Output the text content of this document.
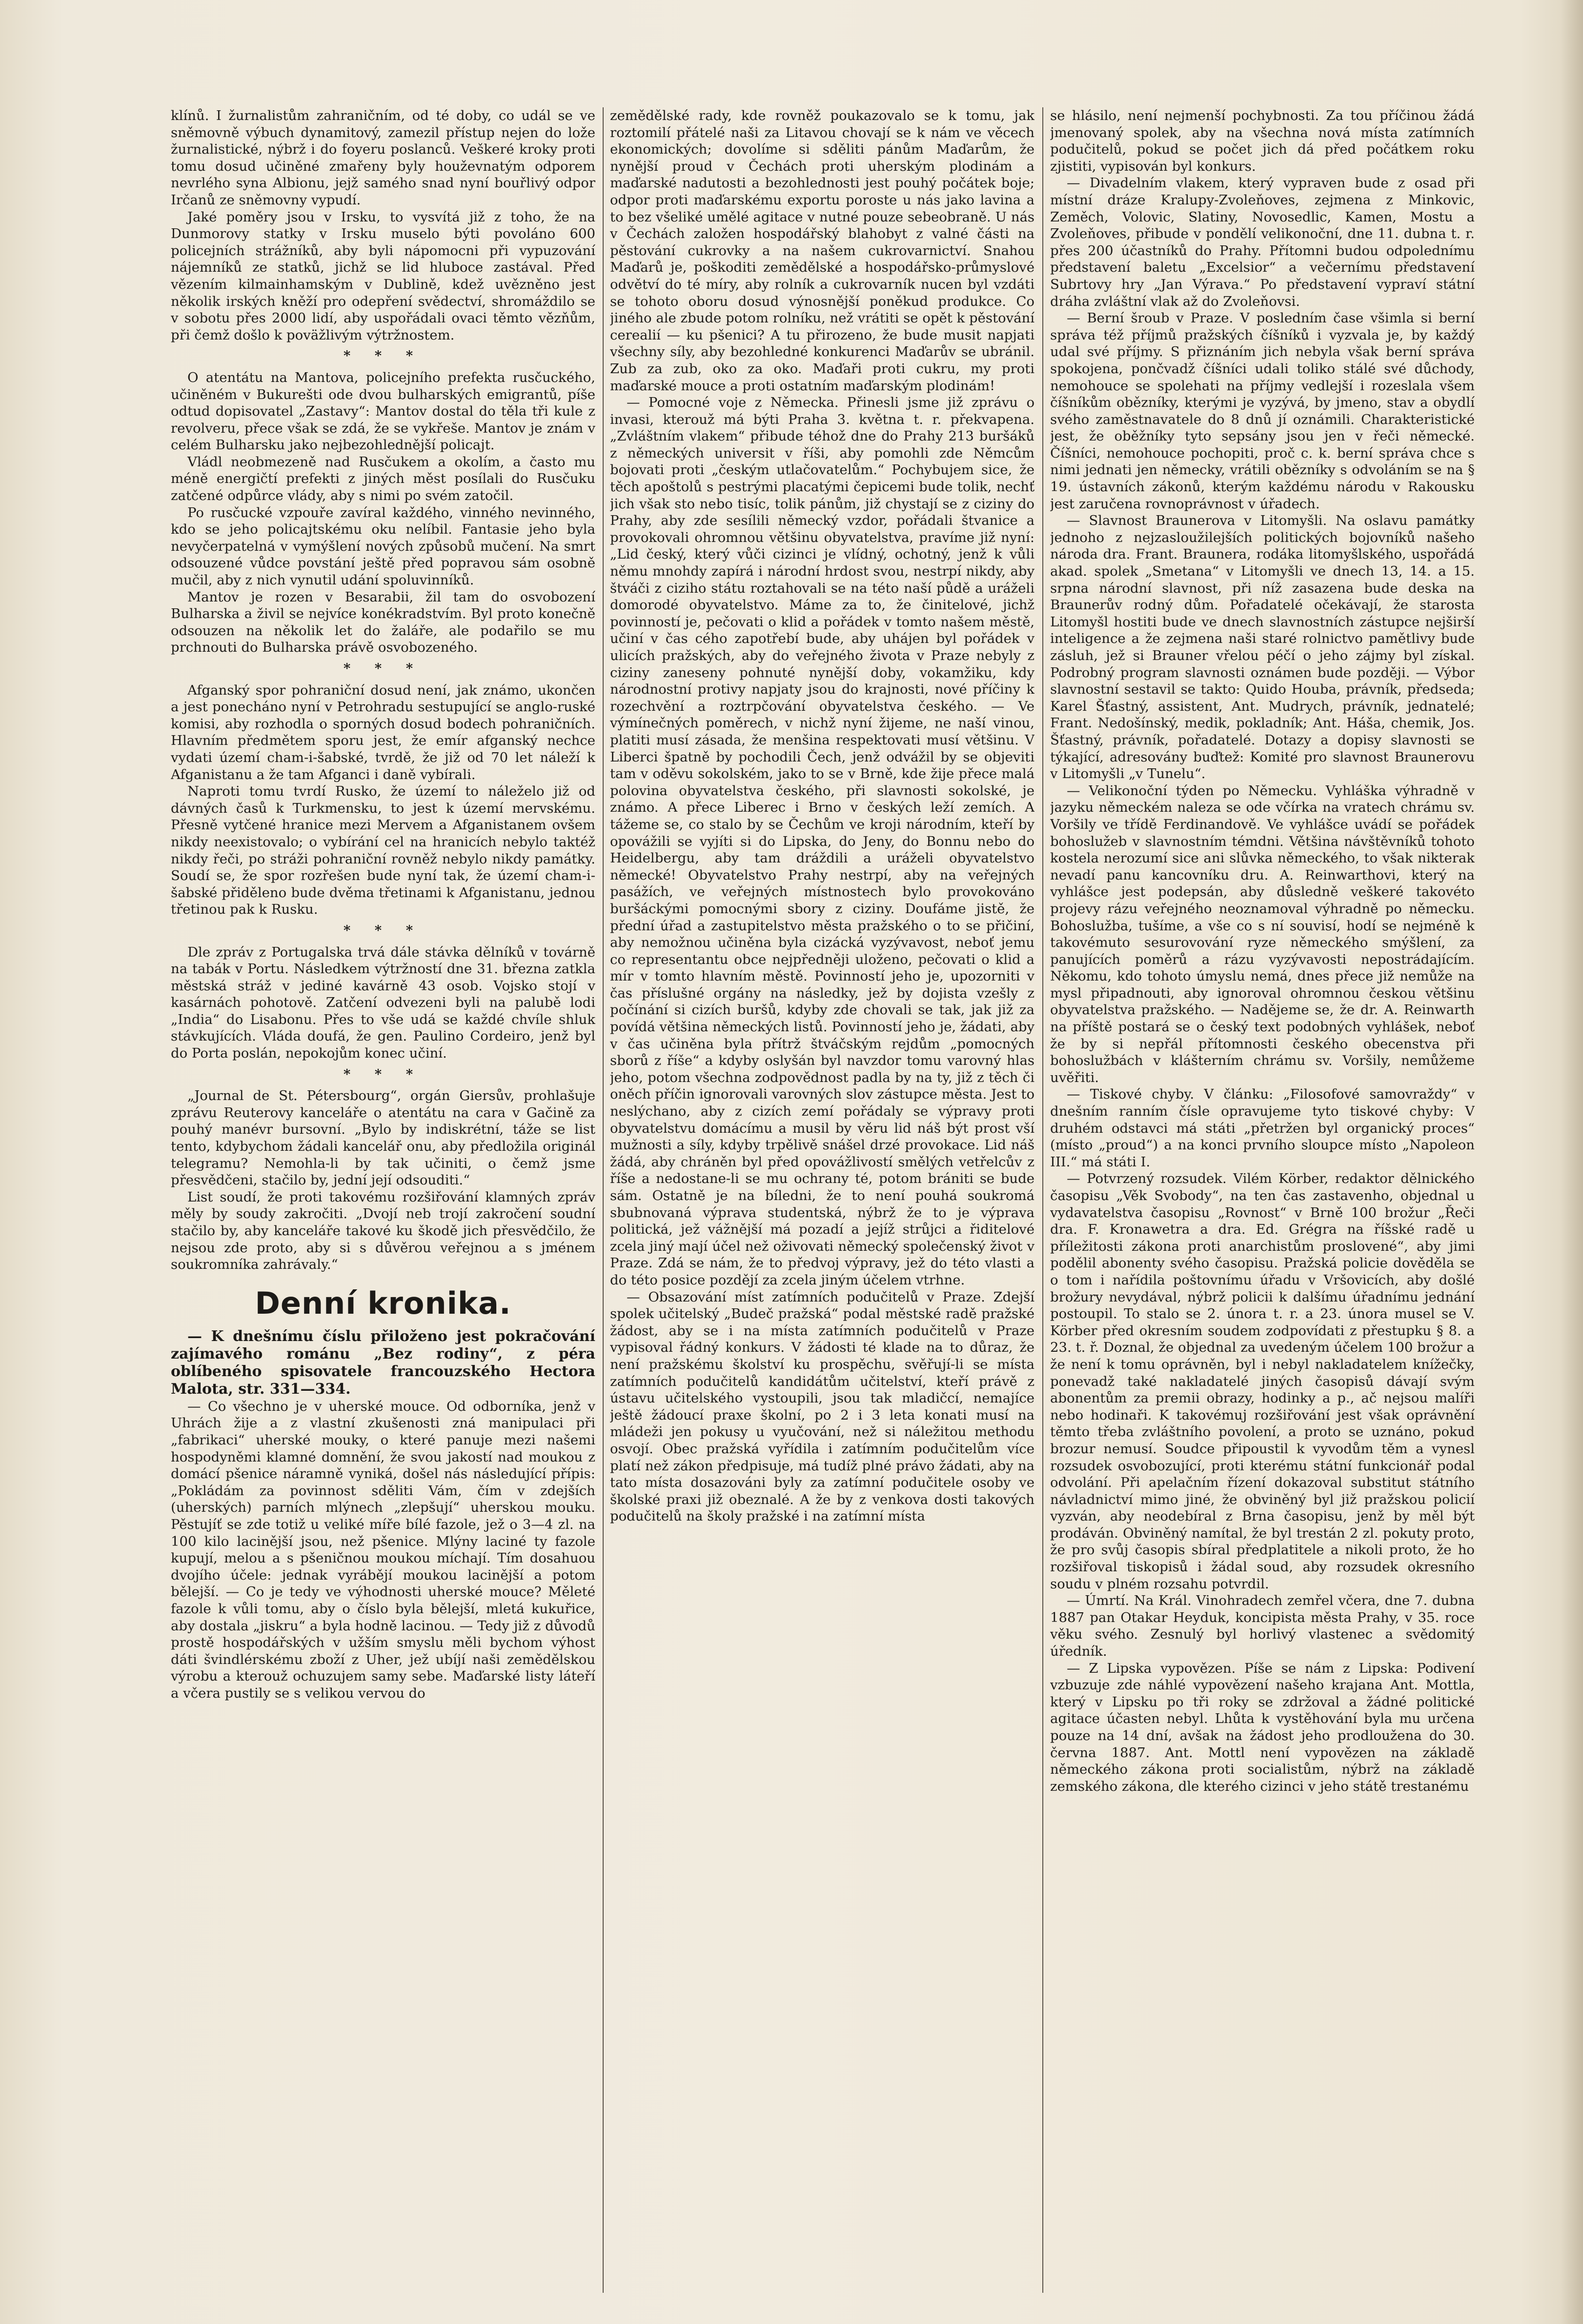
klínů. I žurnalistům zahraničním, od té doby, co udál se ve sněmovně výbuch dynamitový, zamezil přístup nejen do lože žurnalistické, nýbrž i do foyeru poslanců. Veškeré kroky proti tomu dosud učiněné zmařeny byly houževnatým odporem nevrlého syna Albionu, jejž samého snad nyní bouřlivý odpor Irčanů ze sněmovny vypudí.
Jaké poměry jsou v Irsku, to vysvítá již z toho, že na Dunmorovy statky v Irsku muselo býti povoláno 600 policejních strážníků, aby byli nápomocni při vypuzování nájemníků ze statků, jichž se lid hluboce zastával. Před vězením kilmainhamským v Dublině, kdež uvězněno jest několik irských kněží pro odepření svědectví, shromáždilo se v sobotu přes 2000 lidí, aby uspořádali ovaci těmto vězňům, při čemž došlo k poväžlivým výtržnostem.
* * *
O atentátu na Mantova, policejního prefekta rusčuckého, učiněném v Bukurešti ode dvou bulharských emigrantů, píše odtud dopisovatel „Zastavy“: Mantov dostal do těla tři kule z revolveru, přece však se zdá, že se vykřeše. Mantov je znám v celém Bulharsku jako nejbezohlednější policajt.
Vládl neobmezeně nad Rusčukem a okolím, a často mu méně energičtí prefekti z jiných měst posílali do Rusčuku zatčené odpůrce vlády, aby s nimi po svém zatočil.
Po rusčucké vzpouře zavíral každého, vinného nevinného, kdo se jeho policajtskému oku nelíbil. Fantasie jeho byla nevyčerpatelná v vymýšlení nových způsobů mučení. Na smrt odsouzené vůdce povstání ještě před popravou sám osobně mučil, aby z nich vynutil udání spoluvinníků.
Mantov je rozen v Besarabii, žil tam do osvobození Bulharska a živil se nejvíce konékradstvím. Byl proto konečně odsouzen na několik let do žaláře, ale podařilo se mu prchnouti do Bulharska právě osvobozeného.
* * *
Afganský spor pohraniční dosud není, jak známo, ukončen a jest ponecháno nyní v Petrohradu sestupující se anglo-ruské komisi, aby rozhodla o sporných dosud bodech pohraničních. Hlavním předmětem sporu jest, že emír afganský nechce vydati území cham-i-šabské, tvrdě, že již od 70 let náleží k Afganistanu a že tam Afganci i daně vybírali.
Naproti tomu tvrdí Rusko, že území to náleželo již od dávných časů k Turkmensku, to jest k území mervskému. Přesně vytčené hranice mezi Mervem a Afganistanem ovšem nikdy neexistovalo; o vybírání cel na hranicích nebylo taktéž nikdy řeči, po stráži pohraniční rovněž nebylo nikdy památky. Soudí se, že spor rozřešen bude nyní tak, že území cham-i-šabské přiděleno bude dvěma třetinami k Afganistanu, jednou třetinou pak k Rusku.
* * *
Dle zpráv z Portugalska trvá dále stávka dělníků v továrně na tabák v Portu. Následkem výtržností dne 31. března zatkla městská stráž v jediné kavárně 43 osob. Vojsko stojí v kasárnách pohotově. Zatčení odvezeni byli na palubě lodi „India“ do Lisabonu. Přes to vše udá se každé chvíle shluk stávkujících. Vláda doufá, že gen. Paulino Cordeiro, jenž byl do Porta poslán, nepokojům konec učiní.
* * *
„Journal de St. Pétersbourg“, orgán Giersův, prohlašuje zprávu Reuterovy kanceláře o atentátu na cara v Gačině za pouhý manévr bursovní. „Bylo by indiskrétní, táže se list tento, kdybychom žádali kancelář onu, aby předložila originál telegramu? Nemohla-li by tak učiniti, o čemž jsme přesvědčeni, stačilo by, jední její odsouditi.“
List soudí, že proti takovému rozšiřování klamných zpráv měly by soudy zakročiti. „Dvojí neb trojí zakročení soudní stačilo by, aby kanceláře takové ku škodě jich přesvědčilo, že nejsou zde proto, aby si s důvěrou veřejnou a s jménem soukromníka zahrávaly.“
Denní kronika.
— K dnešnímu číslu přiloženo jest pokračování zajímavého románu „Bez rodiny“, z péra oblíbeného spisovatele francouzského Hectora Malota, str. 331—334.
— Co všechno je v uherské mouce. Od odborníka, jenž v Uhrách žije a z vlastní zkušenosti zná manipulaci při „fabrikaci“ uherské mouky, o které panuje mezi našemi hospodyněmi klamné domnění, že svou jakostí nad moukou z domácí pšenice náramně vyniká, došel nás následující přípis: „Pokládám za povinnost sděliti Vám, čím v zdejších (uherských) parních mlýnech „zlepšují“ uherskou mouku. Pěstujíť se zde totiž u veliké míře bílé fazole, jež o 3—4 zl. na 100 kilo lacinější jsou, než pšenice. Mlýny laciné ty fazole kupují, melou a s pšeničnou moukou míchají. Tím dosahuou dvojího účele: jednak vyrábějí moukou lacinější a potom bělejší. — Co je tedy ve výhodnosti uherské mouce? Měleté fazole k vůli tomu, aby o číslo byla bělejší, mletá kukuřice, aby dostala „jiskru“ a byla hodně lacinou. — Tedy již z důvodů prostě hospodářských v užším smyslu měli bychom výhost dáti švindlérskému zboží z Uher, jež ubíjí naši zemědělskou výrobu a kterouž ochuzujem samy sebe. Maďarské listy láteří a včera pustily se s velikou vervou do
zemědělské rady, kde rovněž poukazovalo se k tomu, jak roztomilí přátelé naši za Litavou chovají se k nám ve věcech ekonomických; dovolíme si sděliti pánům Maďarům, že nynější proud v Čechách proti uherským plodinám a maďarské nadutosti a bezohlednosti jest pouhý počátek boje; odpor proti maďarskému exportu poroste u nás jako lavina a to bez všeliké umělé agitace v nutné pouze sebeobraně. U nás v Čechách založen hospodářský blahobyt z valné části na pěstování cukrovky a na našem cukrovarnictví. Snahou Maďarů je, poškoditi zemědělské a hospodářsko-průmyslové odvětví do té míry, aby rolník a cukrovarník nucen byl vzdáti se tohoto oboru dosud výnosnější poněkud produkce. Co jiného ale zbude potom rolníku, než vrátiti se opět k pěstování cerealií — ku pšenici? A tu přirozeno, že bude musit napjati všechny síly, aby bezohledné konkurenci Maďarův se ubránil. Zub za zub, oko za oko. Maďaři proti cukru, my proti maďarské mouce a proti ostatním maďarským plodinám!
— Pomocné voje z Německa. Přinesli jsme již zprávu o invasi, kterouž má býti Praha 3. května t. r. překvapena. „Zvláštním vlakem“ přibude téhož dne do Prahy 213 buršáků z německých universit v říši, aby pomohli zde Němcům bojovati proti „českým utlačovatelům.“ Pochybujem sice, že těch apoštolů s pestrými placatými čepicemi bude tolik, nechť jich však sto nebo tisíc, tolik pánům, již chystají se z ciziny do Prahy, aby zde sesílili německý vzdor, pořádali štvanice a provokovali ohromnou většinu obyvatelstva, pravíme již nyní: „Lid český, který vůči cizinci je vlídný, ochotný, jenž k vůli němu mnohdy zapírá i národní hrdost svou, nestrpí nikdy, aby štváči z ciziho státu roztahovali se na této naší půdě a uráželi domorodé obyvatelstvo. Máme za to, že činitelové, jichž povinností je, pečovati o klid a pořádek v tomto našem městě, učiní v čas cého zapotřebí bude, aby uhájen byl pořádek v ulicích pražských, aby do veřejného života v Praze nebyly z ciziny zaneseny pohnuté nynější doby, vokamžiku, kdy národnostní protivy napjaty jsou do krajnosti, nové příčiny k rozechvění a roztrpčování obyvatelstva českého. — Ve výmínečných poměrech, v nichž nyní žijeme, ne naší vinou, platiti musí zásada, že menšina respektovati musí většinu. V Liberci špatně by pochodili Čech, jenž odvážil by se objeviti tam v oděvu sokolském, jako to se v Brně, kde žije přece malá polovina obyvatelstva českého, při slavnosti sokolské, je známo. A přece Liberec i Brno v českých leží zemích. A tážeme se, co stalo by se Čechům ve kroji národním, kteří by opovážili se vyjíti si do Lipska, do Jeny, do Bonnu nebo do Heidelbergu, aby tam dráždili a uráželi obyvatelstvo německé! Obyvatelstvo Prahy nestrpí, aby na veřejných pasážích, ve veřejných místnostech bylo provokováno buršáckými pomocnými sbory z ciziny. Doufáme jistě, že přední úřad a zastupitelstvo města pražského o to se přičiní, aby nemožnou učiněna byla cizácká vyzývavost, neboť jemu co representantu obce nejpředněji uloženo, pečovati o klid a mír v tomto hlavním městě. Povinností jeho je, upozorniti v čas příslušné orgány na následky, jež by dojista vzešly z počínání si cizích buršů, kdyby zde chovali se tak, jak již za povídá většina německých listů. Povinností jeho je, žádati, aby v čas učiněna byla přítrž štváčským rejdům „pomocných sborů z říše“ a kdyby oslyšán byl navzdor tomu varovný hlas jeho, potom všechna zodpovědnost padla by na ty, již z těch či oněch příčin ignorovali varovných slov zástupce města. Jest to neslýchano, aby z cizích zemí pořádaly se výpravy proti obyvatelstvu domácímu a musil by věru lid náš být prost vší mužnosti a síly, kdyby trpělivě snášel drzé provokace. Lid náš žádá, aby chráněn byl před opovážlivostí smělých vetřelcův z říše a nedostane-li se mu ochrany té, potom brániti se bude sám. Ostatně je na bíledni, že to není pouhá soukromá sbubnovaná výprava studentská, nýbrž že to je výprava politická, jež vážnější má pozadí a jejíž strůjci a řiditelové zcela jiný mají účel než oživovati německý společenský život v Praze. Zdá se nám, že to předvoj výpravy, jež do této vlasti a do této posice pozdějí za zcela jiným účelem vtrhne.
— Obsazování míst zatímních podučitelů v Praze. Zdejší spolek učitelský „Budeč pražská“ podal městské radě pražské žádost, aby se i na místa zatímních podučitelů v Praze vypisoval řádný konkurs. V žádosti té klade na to důraz, že není pražskému školství ku prospěchu, svěřují-li se místa zatímních podučitelů kandidátům učitelství, kteří právě z ústavu učitelského vystoupili, jsou tak mladičcí, nemajíce ještě žádoucí praxe školní, po 2 i 3 leta konati musí na mládeži jen pokusy u vyučování, než si náležitou methodu osvojí. Obec pražská vyřídila i zatímním podučitelům více platí než zákon předpisuje, má tudíž plné právo žádati, aby na tato místa dosazováni byly za zatímní podučitele osoby ve školské praxi již obeznalé. A že by z venkova dosti takových podučitelů na školy pražské i na zatímní místa
se hlásilo, není nejmenší pochybnosti. Za tou příčinou žádá jmenovaný spolek, aby na všechna nová místa zatímních podučitelů, pokud se počet jich dá před počátkem roku zjistiti, vypisován byl konkurs.
— Divadelním vlakem, který vypraven bude z osad při místní dráze Kralupy-Zvoleňoves, zejmena z Minkovic, Zeměch, Volovic, Slatiny, Novosedlic, Kamen, Mostu a Zvoleňoves, přibude v pondělí velikonoční, dne 11. dubna t. r. přes 200 účastníků do Prahy. Přítomni budou odpolednímu představení baletu „Excelsior“ a večernímu představení Subrtovy hry „Jan Výrava.“ Po představení vypraví státní dráha zvláštní vlak až do Zvoleňovsi.
— Berní šroub v Praze. V posledním čase všimla si berní správa též příjmů pražských číšníků i vyzvala je, by každý udal své příjmy. S přiznáním jich nebyla však berní správa spokojena, pončvadž číšníci udali toliko stálé své důchody, nemohouce se spolehati na příjmy vedlejší i rozeslala všem číšníkům obězníky, kterými je vyzývá, by jmeno, stav a obydlí svého zaměstnavatele do 8 dnů jí oznámili. Charakteristické jest, že oběžníky tyto sepsány jsou jen v řeči německé. Číšníci, nemohouce pochopiti, proč c. k. berní správa chce s nimi jednati jen německy, vrátili obězníky s odvoláním se na § 19. ústavních zákonů, kterým každému národu v Rakousku jest zaručena rovnoprávnost v úřadech.
— Slavnost Braunerova v Litomyšli. Na oslavu památky jednoho z nejzasloužilejších politických bojovníků našeho národa dra. Frant. Braunera, rodáka litomyšlského, uspořádá akad. spolek „Smetana“ v Litomyšli ve dnech 13, 14. a 15. srpna národní slavnost, při níž zasazena bude deska na Braunerův rodný dům. Pořadatelé očekávají, že starosta Litomyšl hostiti bude ve dnech slavnostních zástupce nejširší inteligence a že zejmena naši staré rolnictvo pamětlivy bude zásluh, jež si Brauner vřelou péčí o jeho zájmy byl získal. Podrobný program slavnosti oznámen bude později. — Výbor slavnostní sestavil se takto: Quido Houba, právník, předseda; Karel Šťastný, assistent, Ant. Mudrych, právník, jednatelé; Frant. Nedošínský, medik, pokladník; Ant. Háša, chemik, Jos. Šťastný, právník, pořadatelé. Dotazy a dopisy slavnosti se týkající, adresovány buďtež: Komité pro slavnost Braunerovu v Litomyšli „v Tunelu“.
— Velikonoční týden po Německu. Vyhláška výhradně v jazyku německém naleza se ode včírka na vratech chrámu sv. Voršily ve třídě Ferdinandově. Ve vyhlášce uvádí se pořádek bohoslužeb v slavnostním témdni. Většina návštěvníků tohoto kostela nerozumí sice ani slůvka německého, to však nikterak nevadí panu kancovníku dru. A. Reinwarthovi, který na vyhlášce jest podepsán, aby důsledně veškeré takovéto projevy rázu veřejného neoznamoval výhradně po německu. Bohoslužba, tušíme, a vše co s ní souvisí, hodí se nejméně k takovémuto sesurovování ryze německého smýšlení, za panujících poměrů a rázu vyzývavosti nepostrádajícím. Někomu, kdo tohoto úmyslu nemá, dnes přece již nemůže na mysl připadnouti, aby ignoroval ohromnou českou většinu obyvatelstva pražského. — Nadějeme se, že dr. A. Reinwarth na příště postará se o český text podobných vyhlášek, neboť že by si nepřál přítomnosti českého obecenstva při bohoslužbách v klášterním chrámu sv. Voršily, nemůžeme uvěřiti.
— Tiskové chyby. V článku: „Filosofové samovraždy“ v dnešním ranním čísle opravujeme tyto tiskové chyby: V druhém odstavci má státi „přetržen byl organický proces“ (místo „proud“) a na konci prvního sloupce místo „Napoleon III.“ má státi I.
— Potvrzený rozsudek. Vilém Körber, redaktor dělnického časopisu „Věk Svobody“, na ten čas zastavenho, objednal u vydavatelstva časopisu „Rovnost“ v Brně 100 brožur „Řeči dra. F. Kronawetra a dra. Ed. Grégra na říšské radě u příležitosti zákona proti anarchistům proslovené“, aby jimi podělil abonenty svého časopisu. Pražská policie dověděla se o tom i nařídila poštovnímu úřadu v Vršovicích, aby došlé brožury nevydával, nýbrž policii k dalšímu úřadnímu jednání postoupil. To stalo se 2. února t. r. a 23. února musel se V. Körber před okresním soudem zodpovídati z přestupku § 8. a 23. t. ř. Doznal, že objednal za uvedeným účelem 100 brožur a že není k tomu oprávněn, byl i nebyl nakladatelem knížečky, ponevadž také nakladatelé jiných časopisů dávají svým abonentům za premii obrazy, hodinky a p., ač nejsou malíři nebo hodinaři. K takovémuj rozšiřování jest však oprávnění těmto třeba zvláštního povolení, a proto se uznáno, pokud brozur nemusí. Soudce připoustil k vyvodům těm a vynesl rozsudek osvobozující, proti kterému státní funkcionář podal odvolání. Při apelačním řízení dokazoval substitut státního návladnictví mimo jiné, že obviněný byl již pražskou policií vyzván, aby neodebíral z Brna časopisu, jenž by měl být prodáván. Obviněný namítal, že byl trestán 2 zl. pokuty proto, že pro svůj časopis sbíral předplatitele a nikoli proto, že ho rozšiřoval tiskopisů i žádal soud, aby rozsudek okresního soudu v plném rozsahu potvrdil.
— Úmrtí. Na Král. Vinohradech zemřel včera, dne 7. dubna 1887 pan Otakar Heyduk, koncipista města Prahy, v 35. roce věku svého. Zesnulý byl horlivý vlastenec a svědomitý úředník.
— Z Lipska vypovězen. Píše se nám z Lipska: Podivení vzbuzuje zde náhlé vypovězení našeho krajana Ant. Mottla, který v Lipsku po tři roky se zdržoval a žádné politické agitace účasten nebyl. Lhůta k vystěhování byla mu určena pouze na 14 dní, avšak na žádost jeho prodloužena do 30. června 1887. Ant. Mottl není vypovězen na základě německého zákona proti socialistům, nýbrž na základě zemského zákona, dle kterého cizinci v jeho státě trestanému
